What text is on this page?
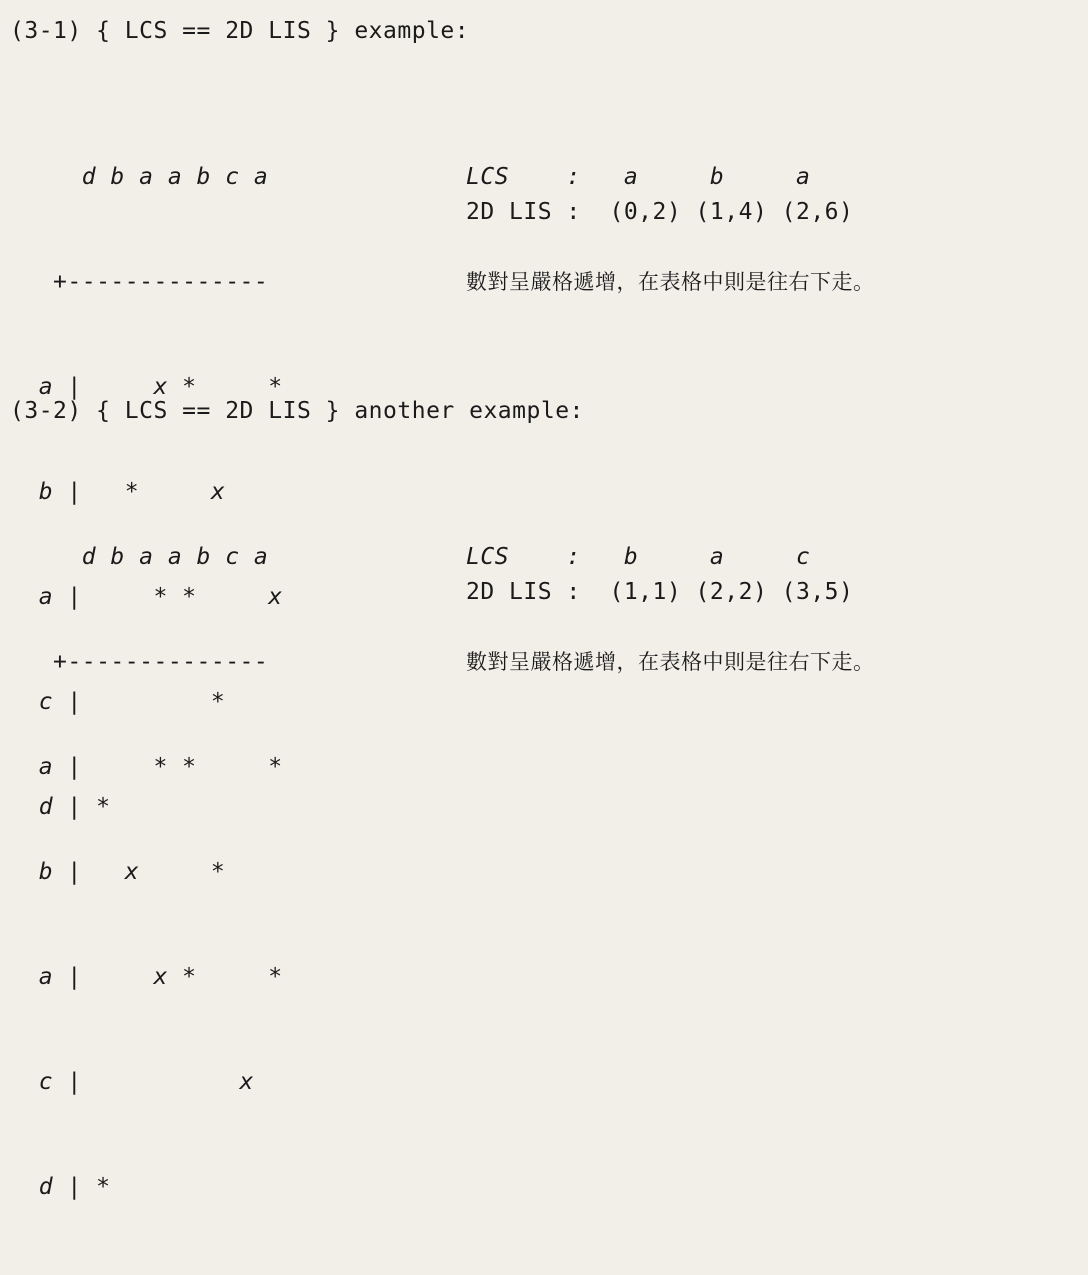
(3-1) { LCS == 2D LIS } example:

d b a a b c a

+--------------

a |     x *     *

b |   *     x

a |     * *     x

c |         *

d | *

LCS    :   a     b     a
2D LIS :  (0,2) (1,4) (2,6)
數對呈嚴格遞增，在表格中則是往右下走。
(3-2) { LCS == 2D LIS } another example:

d b a a b c a

+--------------

a |     * *     *

b |   x     *

a |     x *     *

c |           x

d | *

LCS    :   b     a     c
2D LIS :  (1,1) (2,2) (3,5)
數對呈嚴格遞增，在表格中則是往右下走。
